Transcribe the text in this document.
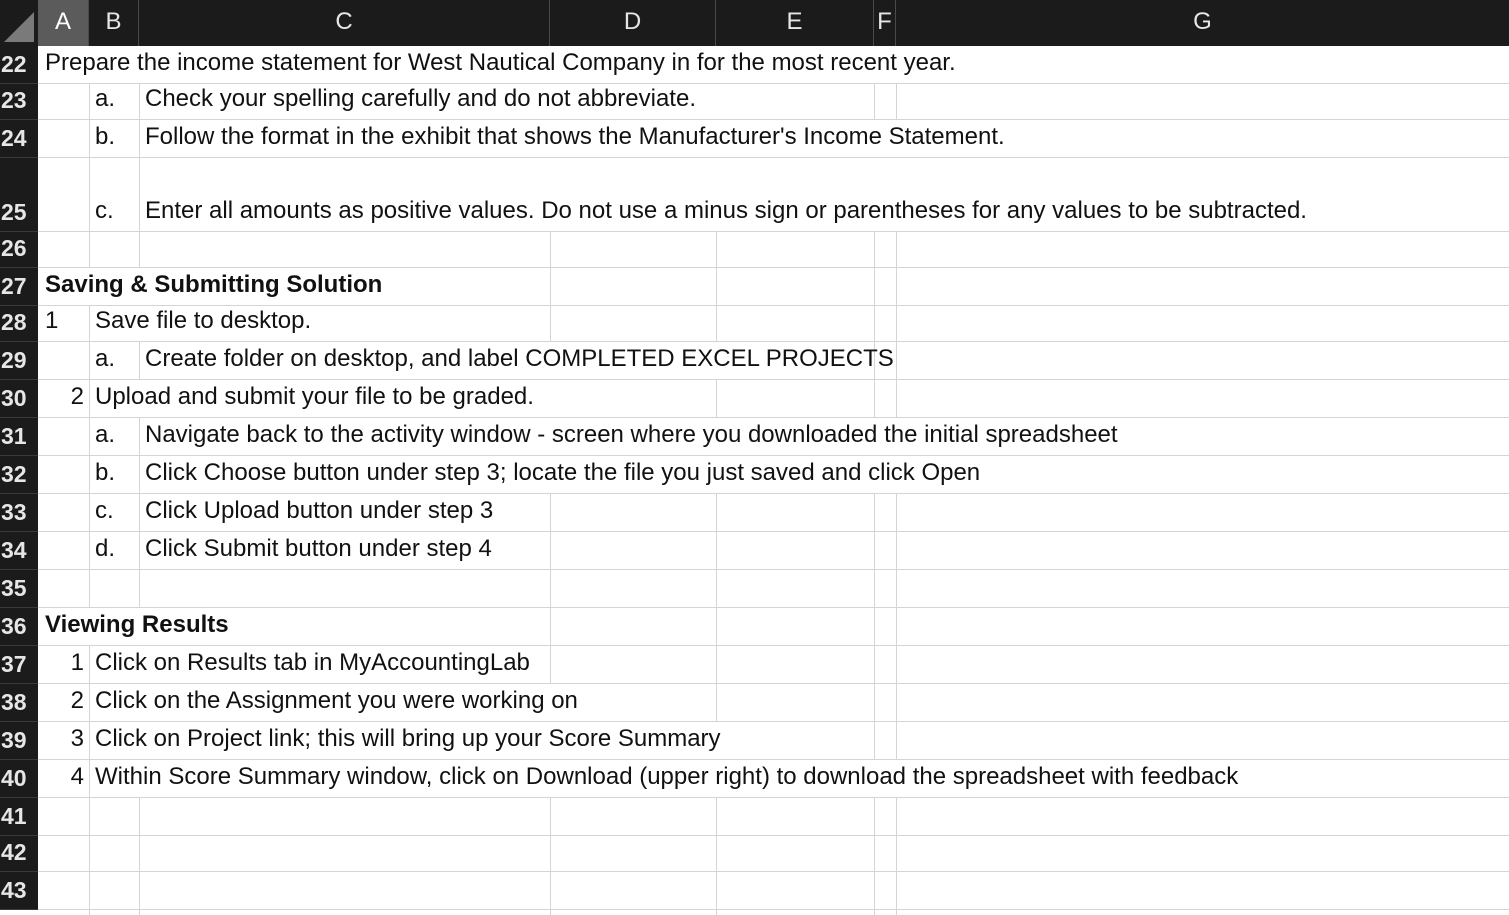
A	B	C	D	E	F	G
22 Prepare the income statement for West Nautical Company in for the most recent year.
23	a.	Check your spelling carefully and do not abbreviate.
24	b.	Follow the format in the exhibit that shows the Manufacturer's Income Statement.
25	c.	Enter all amounts as positive values. Do not use a minus sign or parentheses for any values to be subtracted.
26
27 Saving & Submitting Solution
28 1	Save file to desktop.
29	a.	Create folder on desktop, and label COMPLETED EXCEL PROJECTS
30	2 Upload and submit your file to be graded.
31	a.	Navigate back to the activity window - screen where you downloaded the initial spreadsheet
32	b.	Click Choose button under step 3; locate the file you just saved and click Open
33	c.	Click Upload button under step 3
34	d.	Click Submit button under step 4
35
36 Viewing Results
37	1 Click on Results tab in MyAccountingLab
38	2 Click on the Assignment you were working on
39	3 Click on Project link; this will bring up your Score Summary
40	4 Within Score Summary window, click on Download (upper right) to download the spreadsheet with feedback
41
42
43
